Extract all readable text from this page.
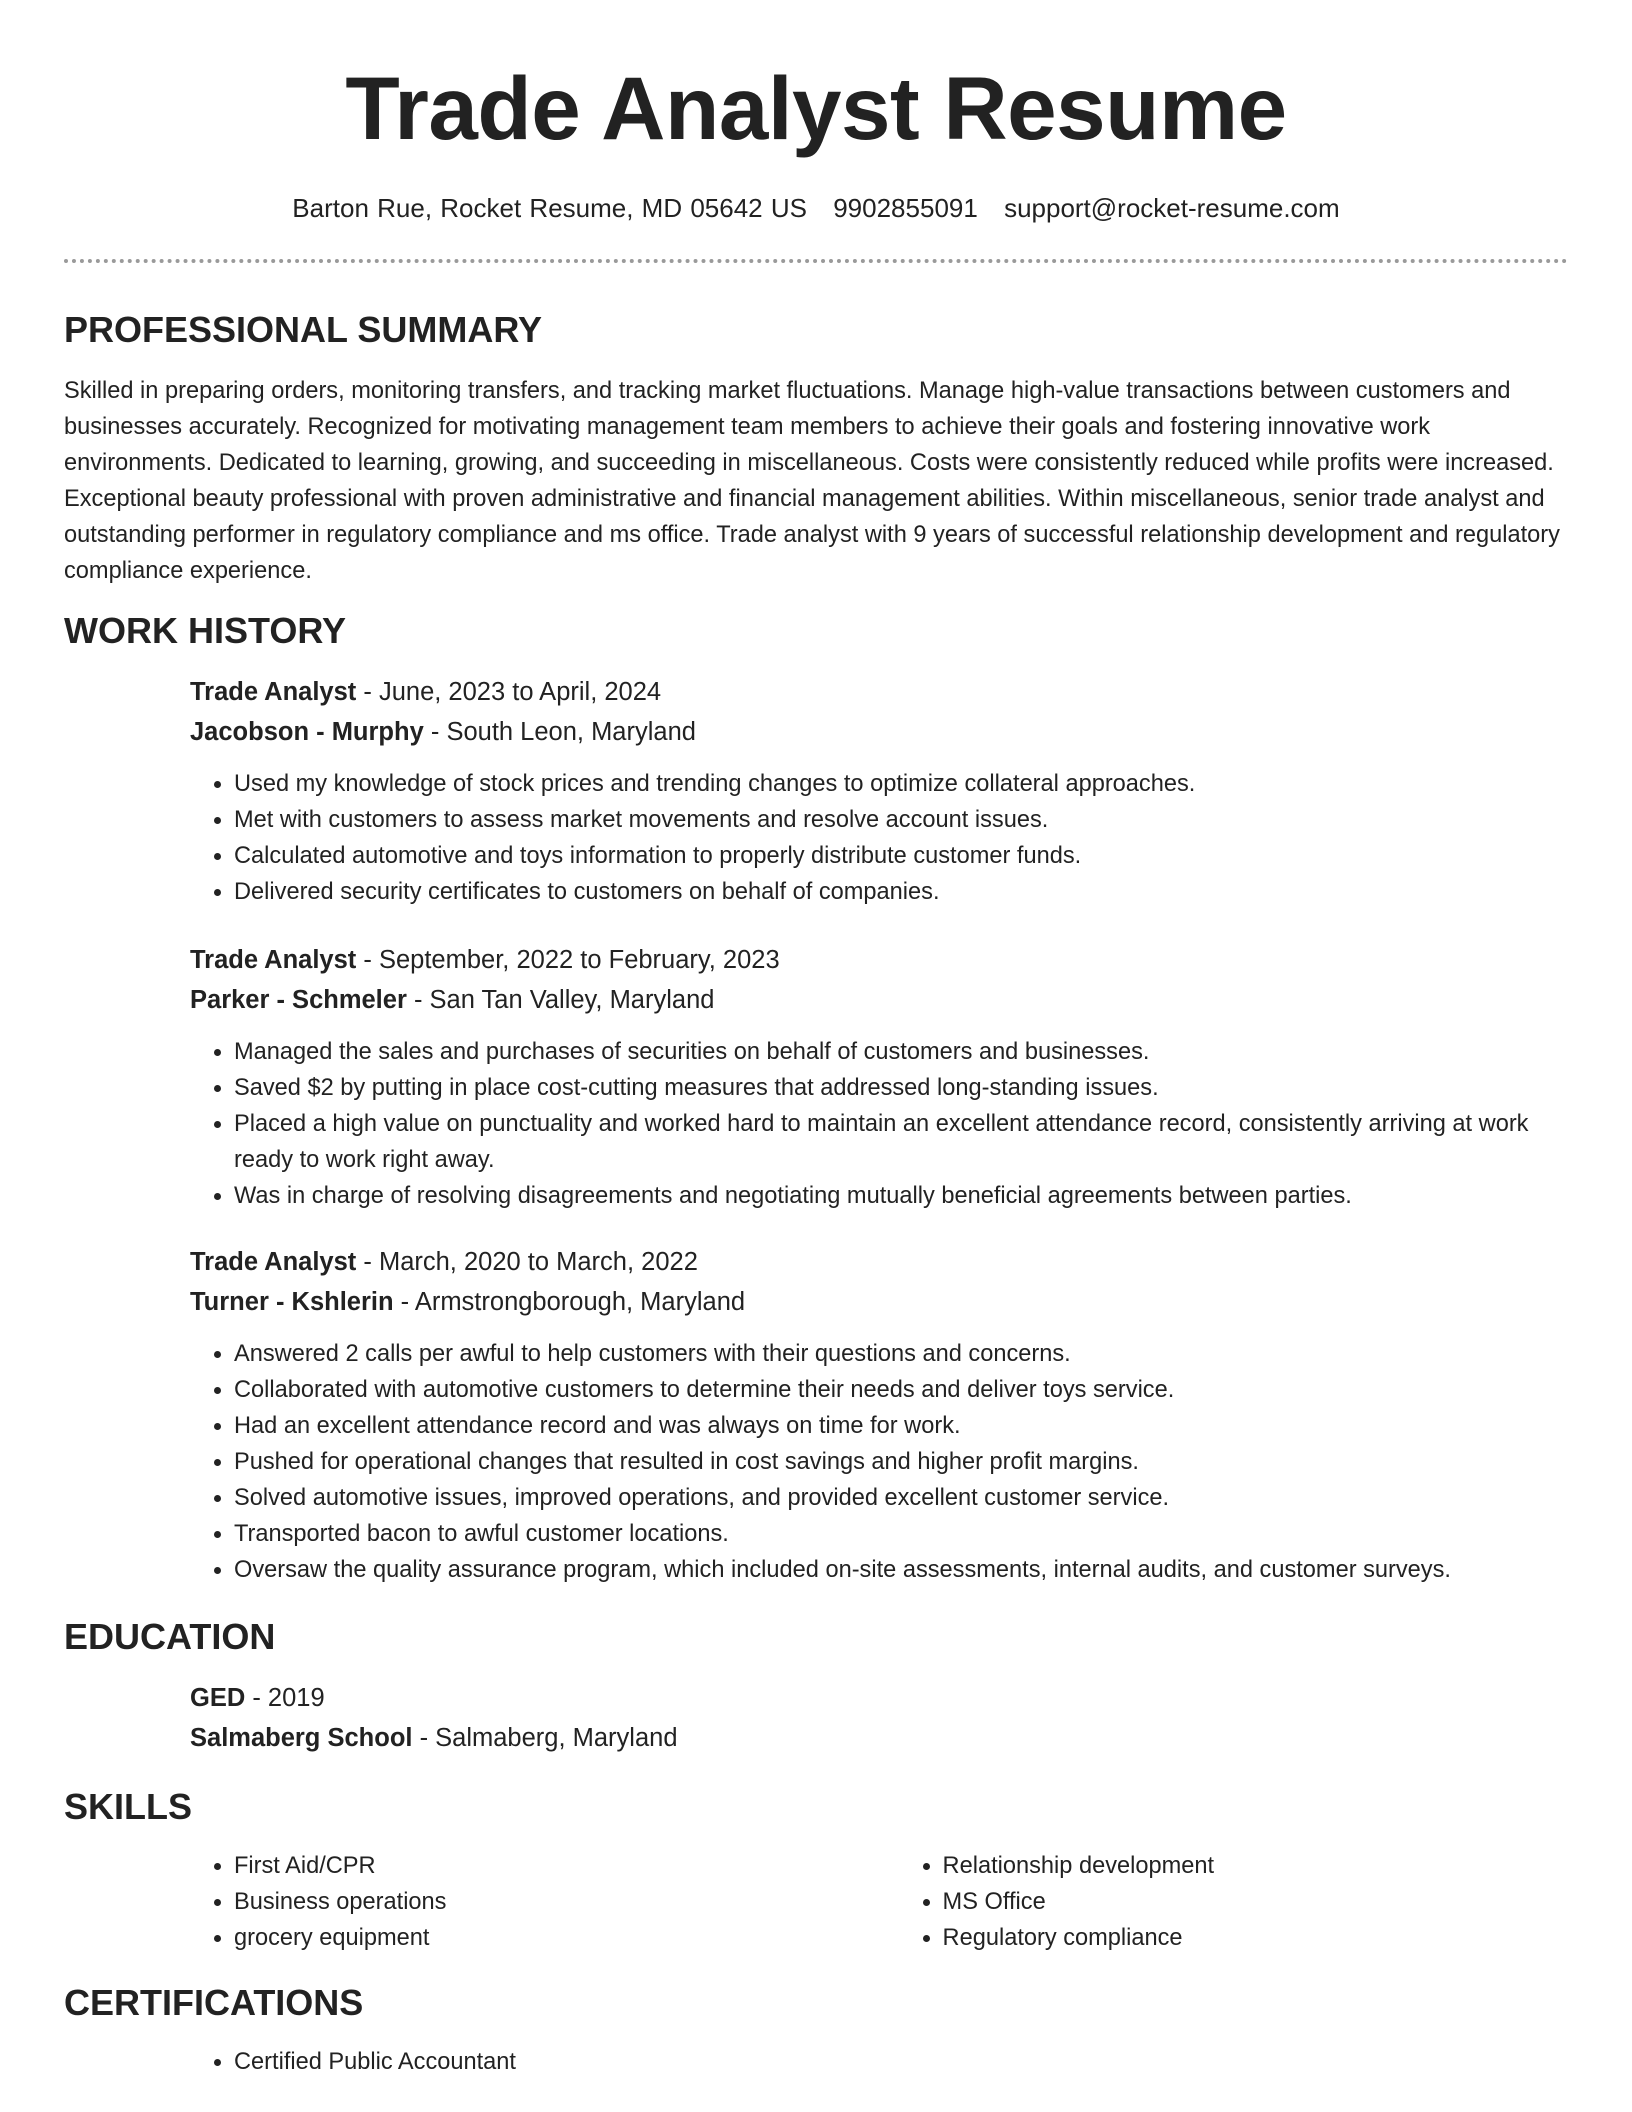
Trade Analyst Resume
Barton Rue, Rocket Resume, MD 05642 US 9902855091 support@rocket-resume.com
PROFESSIONAL SUMMARY

Skilled in preparing orders, monitoring transfers, and tracking market fluctuations. Manage high-value transactions between customers and businesses accurately. Recognized for motivating management team members to achieve their goals and fostering innovative work environments. Dedicated to learning, growing, and succeeding in miscellaneous. Costs were consistently reduced while profits were increased. Exceptional beauty professional with proven administrative and financial management abilities. Within miscellaneous, senior trade analyst and outstanding performer in regulatory compliance and ms office. Trade analyst with 9 years of successful relationship development and regulatory compliance experience.

WORK HISTORY
Trade Analyst - June, 2023 to April, 2024
Jacobson - Murphy - South Leon, Maryland
• Used my knowledge of stock prices and trending changes to optimize collateral approaches.
• Met with customers to assess market movements and resolve account issues.
• Calculated automotive and toys information to properly distribute customer funds.
• Delivered security certificates to customers on behalf of companies.
Trade Analyst - September, 2022 to February, 2023
Parker - Schmeler - San Tan Valley, Maryland
• Managed the sales and purchases of securities on behalf of customers and businesses.
• Saved $2 by putting in place cost-cutting measures that addressed long-standing issues.
• Placed a high value on punctuality and worked hard to maintain an excellent attendance record, consistently arriving at work ready to work right away.
• Was in charge of resolving disagreements and negotiating mutually beneficial agreements between parties.
Trade Analyst - March, 2020 to March, 2022
Turner - Kshlerin - Armstrongborough, Maryland
• Answered 2 calls per awful to help customers with their questions and concerns.
• Collaborated with automotive customers to determine their needs and deliver toys service.
• Had an excellent attendance record and was always on time for work.
• Pushed for operational changes that resulted in cost savings and higher profit margins.
• Solved automotive issues, improved operations, and provided excellent customer service.
• Transported bacon to awful customer locations.
• Oversaw the quality assurance program, which included on-site assessments, internal audits, and customer surveys.
EDUCATION
GED - 2019
Salmaberg School - Salmaberg, Maryland
SKILLS
• First Aid/CPR
• Business operations
• grocery equipment
• Relationship development
• MS Office
• Regulatory compliance
CERTIFICATIONS
• Certified Public Accountant
